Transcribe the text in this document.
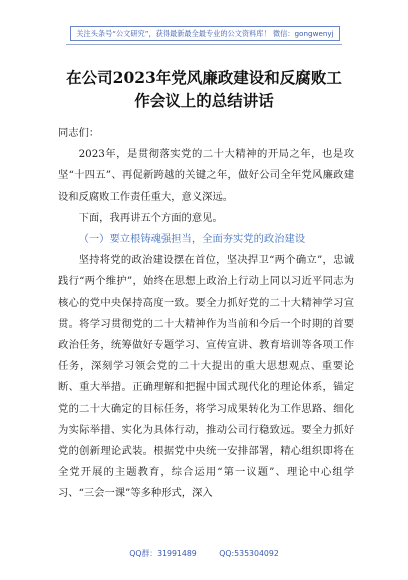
关注头条号“公文研究”，获得最新最全最专业的公文资料库！ 微信：gongwenyj
在公司2023年党风廉政建设和反腐败工
作会议上的总结讲话

同志们：

2023年，是贯彻落实党的二十大精神的开局之年，也是攻坚“十四五”、再促新跨越的关键之年，做好公司全年党风廉政建设和反腐败工作责任重大，意义深远。

下面，我再讲五个方面的意见。

（一）要立根铸魂强担当，全面夯实党的政治建设

坚持将党的政治建设摆在首位，坚决捍卫“两个确立”，忠诚践行“两个维护”，始终在思想上政治上行动上同以习近平同志为核心的党中央保持高度一致。要全力抓好党的二十大精神学习宣贯。将学习贯彻党的二十大精神作为当前和今后一个时期的首要政治任务，统筹做好专题学习、宣传宣讲、教育培训等各项工作任务，深刻学习领会党的二十大提出的重大思想观点、重要论断、重大举措。正确理解和把握中国式现代化的理论体系，锚定党的二十大确定的目标任务，将学习成果转化为工作思路、细化为实际举措、实化为具体行动，推动公司行稳致远。要全力抓好党的创新理论武装。根据党中央统一安排部署，精心组织即将在全党开展的主题教育，综合运用“第一议题”、理论中心组学习、“三会一课”等多种形式，深入

QQ群：31991489	QQ:535304092
